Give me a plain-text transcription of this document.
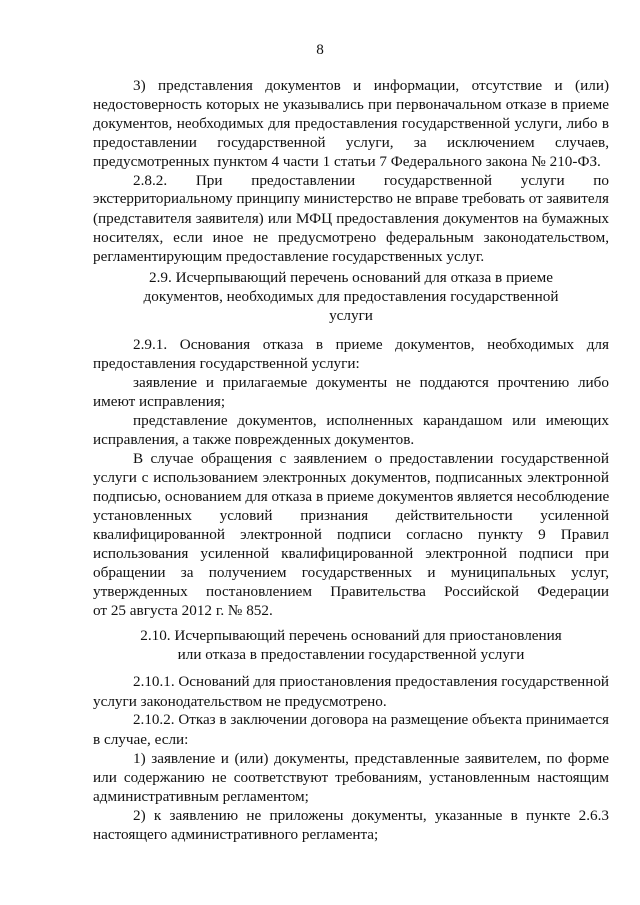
8
3) представления документов и информации, отсутствие и (или)
недостоверность которых не указывались при первоначальном отказе в приеме
документов, необходимых для предоставления государственной услуги, либо в
предоставлении государственной услуги, за исключением случаев,
предусмотренных пунктом 4 части 1 статьи 7 Федерального закона № 210-ФЗ.
2.8.2. При предоставлении государственной услуги по
экстерриториальному принципу министерство не вправе требовать от заявителя
(представителя заявителя) или МФЦ предоставления документов на бумажных
носителях, если иное не предусмотрено федеральным законодательством,
регламентирующим предоставление государственных услуг.
2.9. Исчерпывающий перечень оснований для отказа в приеме
документов, необходимых для предоставления государственной
услуги
2.9.1. Основания отказа в приеме документов, необходимых для
предоставления государственной услуги:
заявление и прилагаемые документы не поддаются прочтению либо
имеют исправления;
представление документов, исполненных карандашом или имеющих
исправления, а также поврежденных документов.
В случае обращения с заявлением о предоставлении государственной
услуги с использованием электронных документов, подписанных электронной
подписью, основанием для отказа в приеме документов является несоблюдение
установленных условий признания действительности усиленной
квалифицированной электронной подписи согласно пункту 9 Правил
использования усиленной квалифицированной электронной подписи при
обращении за получением государственных и муниципальных услуг,
утвержденных постановлением Правительства Российской Федерации
от 25 августа 2012 г. № 852.
2.10. Исчерпывающий перечень оснований для приостановления
или отказа в предоставлении государственной услуги
2.10.1. Оснований для приостановления предоставления государственной
услуги законодательством не предусмотрено.
2.10.2. Отказ в заключении договора на размещение объекта принимается
в случае, если:
1) заявление и (или) документы, представленные заявителем, по форме
или содержанию не соответствуют требованиям, установленным настоящим
административным регламентом;
2) к заявлению не приложены документы, указанные в пункте 2.6.3
настоящего административного регламента;
